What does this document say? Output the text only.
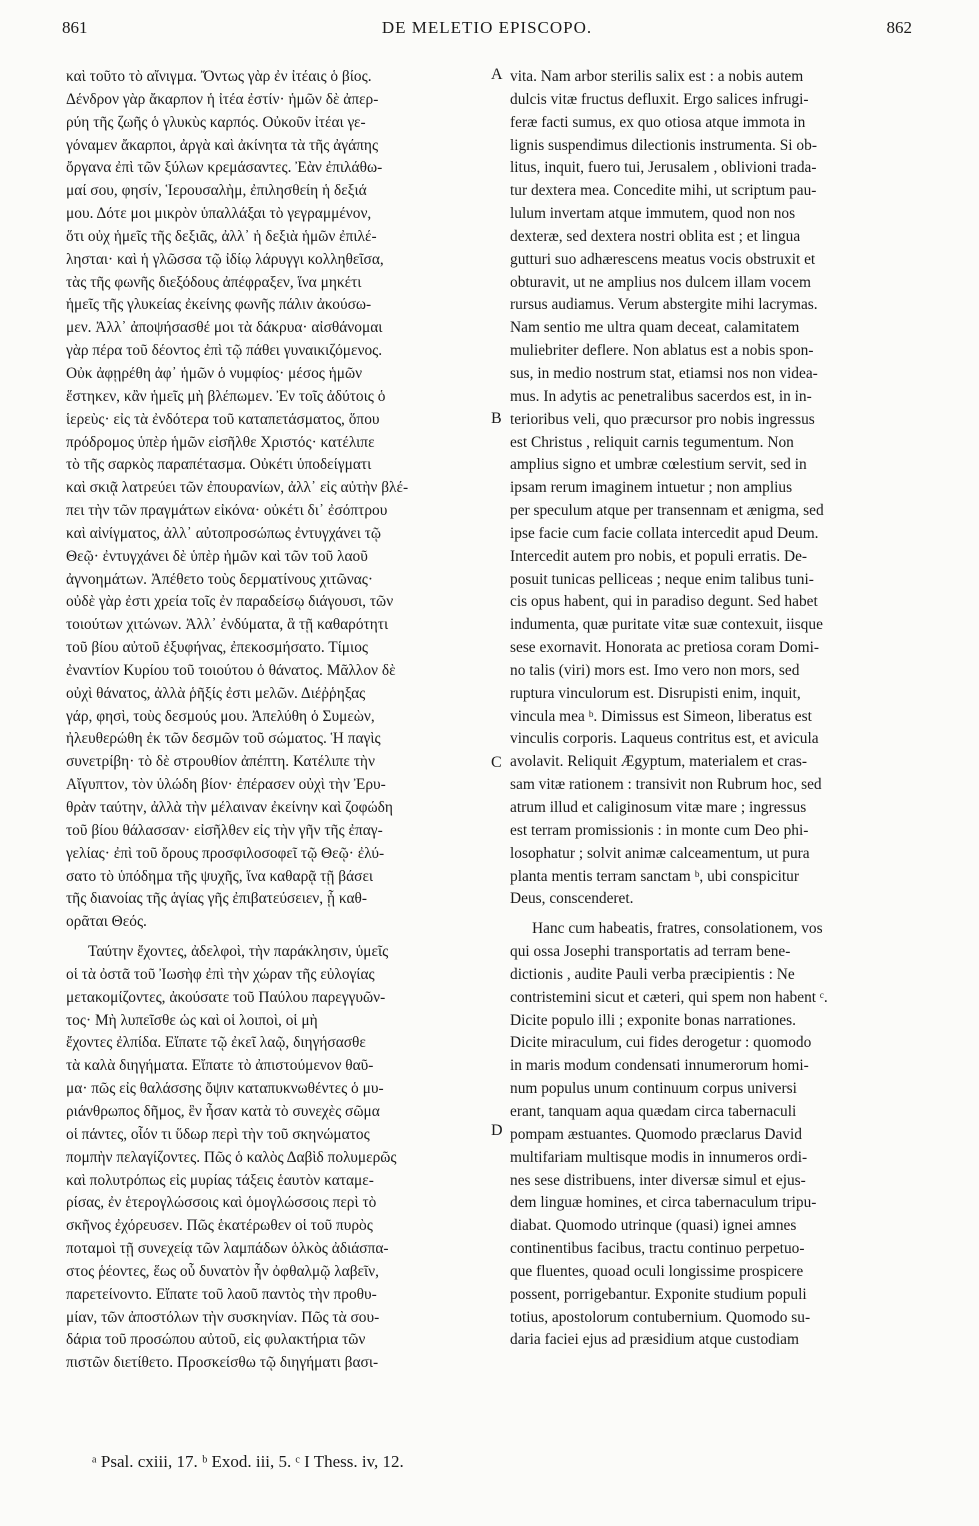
861	DE MELETIO EPISCOPO.	862
A
B
C
D
καὶ τοῦτο τὸ αἴνιγμα. Ὄντως γὰρ ἐν ἰτέαις ὁ βίος.
Δένδρον γὰρ ἄκαρπον ἡ ἰτέα ἐστίν· ἡμῶν δὲ ἀπερ-
ρύη τῆς ζωῆς ὁ γλυκὺς καρπός. Οὐκοῦν ἰτέαι γε-
γόναμεν ἄκαρποι, ἀργὰ καὶ ἀκίνητα τὰ τῆς ἀγάπης
ὄργανα ἐπὶ τῶν ξύλων κρεμάσαντες. Ἐὰν ἐπιλάθω-
μαί σου, φησίν, Ἱερουσαλὴμ, ἐπιλησθείη ἡ δεξιά
μου. Δότε μοι μικρὸν ὑπαλλάξαι τὸ γεγραμμένον,
ὅτι οὐχ ἡμεῖς τῆς δεξιᾶς, ἀλλ᾽ ἡ δεξιὰ ἡμῶν ἐπιλέ-
λησται· καὶ ἡ γλῶσσα τῷ ἰδίῳ λάρυγγι κολληθεῖσα,
τὰς τῆς φωνῆς διεξόδους ἀπέφραξεν, ἵνα μηκέτι
ἡμεῖς τῆς γλυκείας ἐκείνης φωνῆς πάλιν ἀκούσω-
μεν. Ἀλλ᾽ ἀποψήσασθέ μοι τὰ δάκρυα· αἰσθάνομαι
γὰρ πέρα τοῦ δέοντος ἐπὶ τῷ πάθει γυναικιζόμενος.
Οὐκ ἀφῃρέθη ἀφ᾽ ἡμῶν ὁ νυμφίος· μέσος ἡμῶν
ἕστηκεν, κἂν ἡμεῖς μὴ βλέπωμεν. Ἐν τοῖς ἀδύτοις ὁ
ἱερεὺς· εἰς τὰ ἐνδότερα τοῦ καταπετάσματος, ὅπου
πρόδρομος ὑπὲρ ἡμῶν εἰσῆλθε Χριστός· κατέλιπε
τὸ τῆς σαρκὸς παραπέτασμα. Οὐκέτι ὑποδείγματι
καὶ σκιᾷ λατρεύει τῶν ἐπουρανίων, ἀλλ᾽ εἰς αὐτὴν βλέ-
πει τὴν τῶν πραγμάτων εἰκόνα· οὐκέτι δι᾽ ἐσόπτρου
καὶ αἰνίγματος, ἀλλ᾽ αὐτοπροσώπως ἐντυγχάνει τῷ
Θεῷ· ἐντυγχάνει δὲ ὑπὲρ ἡμῶν καὶ τῶν τοῦ λαοῦ
ἀγνοημάτων. Ἀπέθετο τοὺς δερματίνους χιτῶνας·
οὐδὲ γὰρ ἐστι χρεία τοῖς ἐν παραδείσῳ διάγουσι, τῶν
τοιούτων χιτώνων. Ἀλλ᾽ ἐνδύματα, ἃ τῇ καθαρότητι
τοῦ βίου αὐτοῦ ἐξυφήνας, ἐπεκοσμήσατο. Τίμιος
ἐναντίον Κυρίου τοῦ τοιούτου ὁ θάνατος. Μᾶλλον δὲ
οὐχὶ θάνατος, ἀλλὰ ῥῆξίς ἐστι μελῶν. Διέῤῥηξας
γάρ, φησὶ, τοὺς δεσμούς μου. Ἀπελύθη ὁ Συμεὼν,
ἠλευθερώθη ἐκ τῶν δεσμῶν τοῦ σώματος. Ἡ παγὶς
συνετρίβη· τὸ δὲ στρουθίον ἀπέπτη. Κατέλιπε τὴν
Αἴγυπτον, τὸν ὑλώδη βίον· ἐπέρασεν οὐχὶ τὴν Ἐρυ-
θρὰν ταύτην, ἀλλὰ τὴν μέλαιναν ἐκείνην καὶ ζοφώδη
τοῦ βίου θάλασσαν· εἰσῆλθεν εἰς τὴν γῆν τῆς ἐπαγ-
γελίας· ἐπὶ τοῦ ὄρους προσφιλοσοφεῖ τῷ Θεῷ· ἐλύ-
σατο τὸ ὑπόδημα τῆς ψυχῆς, ἵνα καθαρᾷ τῇ βάσει
τῆς διανοίας τῆς ἁγίας γῆς ἐπιβατεύσειεν, ᾗ καθ-
ορᾶται Θεός.
Ταύτην ἔχοντες, ἀδελφοὶ, τὴν παράκλησιν, ὑμεῖς
οἱ τὰ ὀστᾶ τοῦ Ἰωσὴφ ἐπὶ τὴν χώραν τῆς εὐλογίας
μετακομίζοντες, ἀκούσατε τοῦ Παύλου παρεγγυῶν-
τος· Μὴ λυπεῖσθε ὡς καὶ οἱ λοιποὶ, οἱ μὴ
ἔχοντες ἐλπίδα. Εἴπατε τῷ ἐκεῖ λαῷ, διηγήσασθε
τὰ καλὰ διηγήματα. Εἴπατε τὸ ἀπιστούμενον θαῦ-
μα· πῶς εἰς θαλάσσης ὄψιν καταπυκνωθέντες ὁ μυ-
ριάνθρωπος δῆμος, ἓν ἦσαν κατὰ τὸ συνεχὲς σῶμα
οἱ πάντες, οἷόν τι ὕδωρ περὶ τὴν τοῦ σκηνώματος
πομπὴν πελαγίζοντες. Πῶς ὁ καλὸς Δαβὶδ πολυμερῶς
καὶ πολυτρόπως εἰς μυρίας τάξεις ἑαυτὸν καταμε-
ρίσας, ἐν ἑτερογλώσσοις καὶ ὁμογλώσσοις περὶ τὸ
σκῆνος ἐχόρευσεν. Πῶς ἑκατέρωθεν οἱ τοῦ πυρὸς
ποταμοὶ τῇ συνεχείᾳ τῶν λαμπάδων ὁλκὸς ἀδιάσπα-
στος ῥέοντες, ἕως οὗ δυνατὸν ἦν ὀφθαλμῷ λαβεῖν,
παρετείνοντο. Εἴπατε τοῦ λαοῦ παντὸς τὴν προθυ-
μίαν, τῶν ἀποστόλων τὴν συσκηνίαν. Πῶς τὰ σου-
δάρια τοῦ προσώπου αὐτοῦ, εἰς φυλακτήρια τῶν
πιστῶν διετίθετο. Προσκείσθω τῷ διηγήματι βασι-
vita. Nam arbor sterilis salix est : a nobis autem
dulcis vitæ fructus defluxit. Ergo salices infrugi-
feræ facti sumus, ex quo otiosa atque immota in
lignis suspendimus dilectionis instrumenta. Si ob-
litus, inquit, fuero tui, Jerusalem , oblivioni trada-
tur dextera mea. Concedite mihi, ut scriptum pau-
lulum invertam atque immutem, quod non nos
dexteræ, sed dextera nostri oblita est ; et lingua
gutturi suo adhærescens meatus vocis obstruxit et
obturavit, ut ne amplius nos dulcem illam vocem
rursus audiamus. Verum abstergite mihi lacrymas.
Nam sentio me ultra quam deceat, calamitatem
muliebriter deflere. Non ablatus est a nobis spon-
sus, in medio nostrum stat, etiamsi nos non videa-
mus. In adytis ac penetralibus sacerdos est, in in-
terioribus veli, quo præcursor pro nobis ingressus
est Christus , reliquit carnis tegumentum. Non
amplius signo et umbræ cœlestium servit, sed in
ipsam rerum imaginem intuetur ; non amplius
per speculum atque per transennam et ænigma, sed
ipse facie cum facie collata intercedit apud Deum.
Intercedit autem pro nobis, et populi erratis. De-
posuit tunicas pelliceas ; neque enim talibus tuni-
cis opus habent, qui in paradiso degunt. Sed habet
indumenta, quæ puritate vitæ suæ contexuit, iisque
sese exornavit. Honorata ac pretiosa coram Domi-
no talis (viri) mors est. Imo vero non mors, sed
ruptura vinculorum est. Disrupisti enim, inquit,
vincula mea ᵇ. Dimissus est Simeon, liberatus est
vinculis corporis. Laqueus contritus est, et avicula
avolavit. Reliquit Ægyptum, materialem et cras-
sam vitæ rationem : transivit non Rubrum hoc, sed
atrum illud et caliginosum vitæ mare ; ingressus
est terram promissionis : in monte cum Deo phi-
losophatur ; solvit animæ calceamentum, ut pura
planta mentis terram sanctam ᵇ, ubi conspicitur
Deus, conscenderet.
Hanc cum habeatis, fratres, consolationem, vos
qui ossa Josephi transportatis ad terram bene-
dictionis , audite Pauli verba præcipientis : Ne
contristemini sicut et cæteri, qui spem non habent ᶜ.
Dicite populo illi ; exponite bonas narrationes.
Dicite miraculum, cui fides derogetur : quomodo
in maris modum condensati innumerorum homi-
num populus unum continuum corpus universi
erant, tanquam aqua quædam circa tabernaculi
pompam æstuantes. Quomodo præclarus David
multifariam multisque modis in innumeros ordi-
nes sese distribuens, inter diversæ simul et ejus-
dem linguæ homines, et circa tabernaculum tripu-
diabat. Quomodo utrinque (quasi) ignei amnes
continentibus facibus, tractu continuo perpetuo-
que fluentes, quoad oculi longissime prospicere
possent, porrigebantur. Exponite studium populi
totius, apostolorum contubernium. Quomodo su-
daria faciei ejus ad præsidium atque custodiam
ᵃ Psal. cxiii, 17. ᵇ Exod. iii, 5. ᶜ I Thess. iv, 12.
